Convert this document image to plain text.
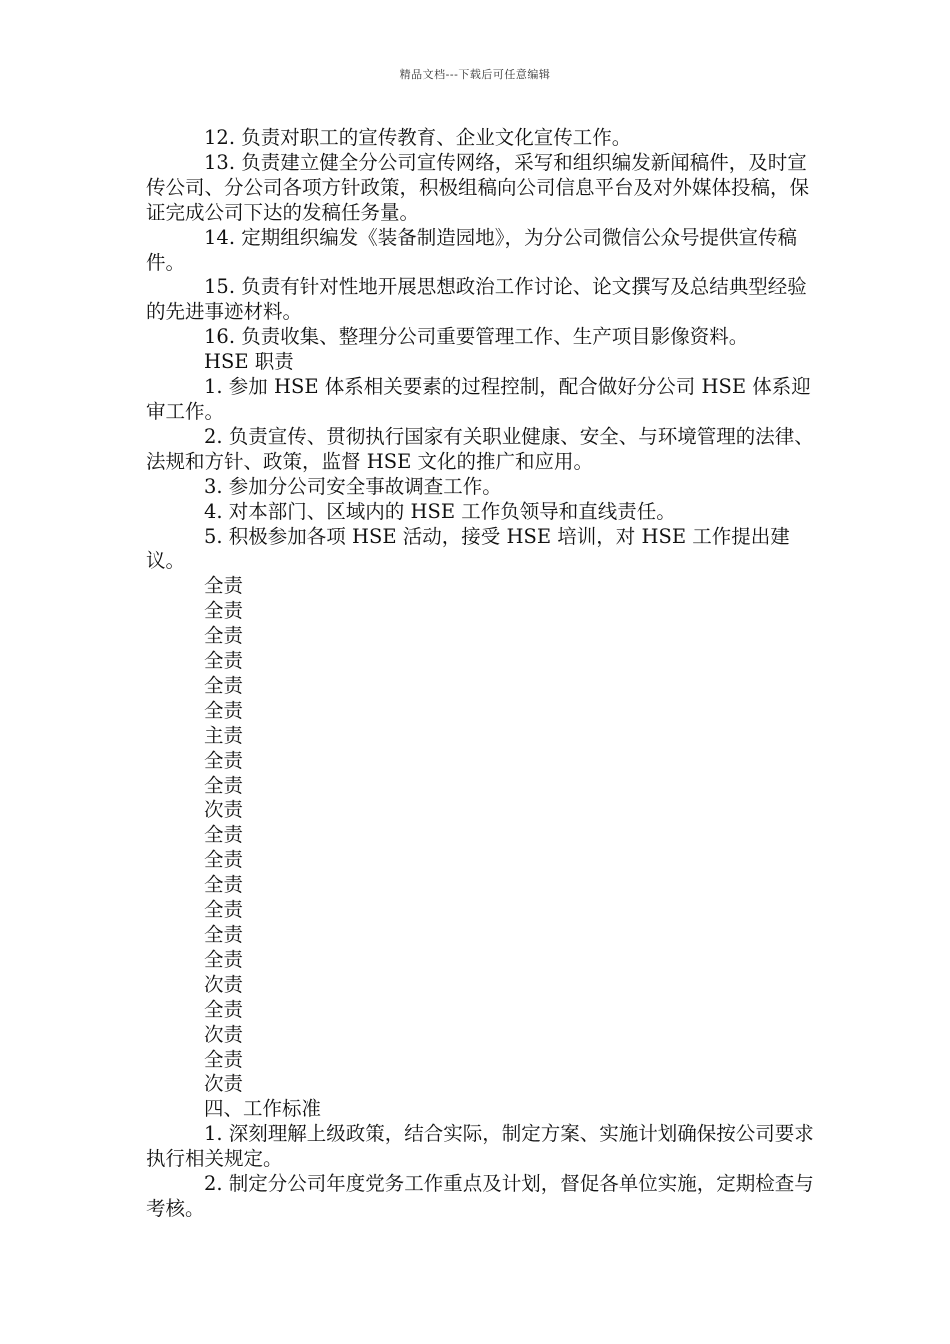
精品文档---下载后可任意编辑

12. 负责对职工的宣传教育、企业文化宣传工作。

13. 负责建立健全分公司宣传网络，采写和组织编发新闻稿件，及时宣传公司、分公司各项方针政策，积极组稿向公司信息平台及对外媒体投稿，保证完成公司下达的发稿任务量。

14. 定期组织编发《装备制造园地》，为分公司微信公众号提供宣传稿件。

15. 负责有针对性地开展思想政治工作讨论、论文撰写及总结典型经验的先进事迹材料。

16. 负责收集、整理分公司重要管理工作、生产项目影像资料。

HSE 职责

1. 参加 HSE 体系相关要素的过程控制，配合做好分公司 HSE 体系迎审工作。

2. 负责宣传、贯彻执行国家有关职业健康、安全、与环境管理的法律、法规和方针、政策，监督 HSE 文化的推广和应用。

3. 参加分公司安全事故调查工作。

4. 对本部门、区域内的 HSE 工作负领导和直线责任。

5. 积极参加各项 HSE 活动，接受 HSE 培训，对 HSE 工作提出建议。

全责

全责

全责

全责

全责

全责

主责

全责

全责

次责

全责

全责

全责

全责

全责

全责

次责

全责

次责

全责

次责

四、工作标准

1. 深刻理解上级政策，结合实际，制定方案、实施计划确保按公司要求执行相关规定。

2. 制定分公司年度党务工作重点及计划，督促各单位实施，定期检查与考核。
